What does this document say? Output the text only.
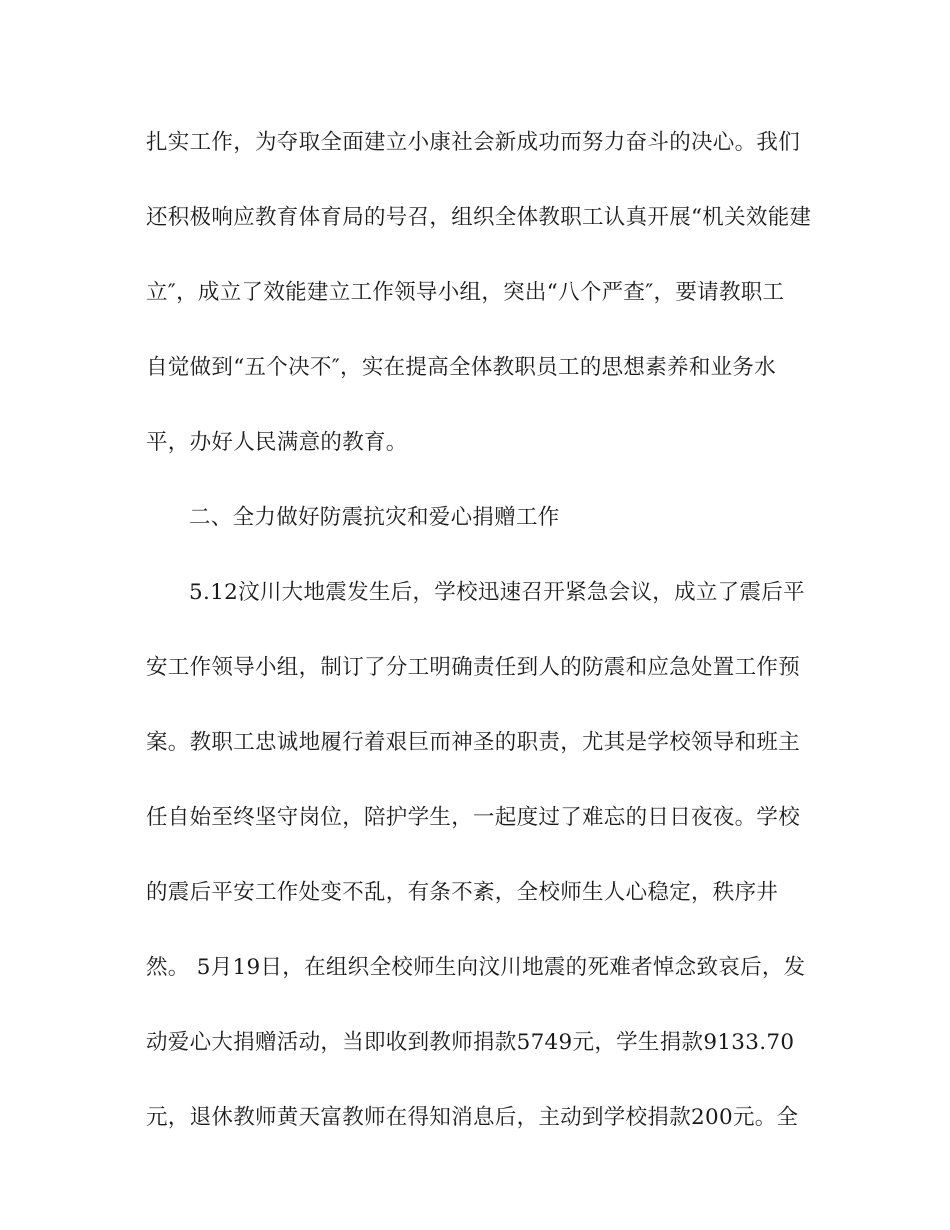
扎实工作，为夺取全面建立小康社会新成功而努力奋斗的决心。我们
还积极响应教育体育局的号召，组织全体教职工认真开展“机关效能建
立″，成立了效能建立工作领导小组，突出“八个严查″，要请教职工
自觉做到“五个决不″，实在提高全体教职员工的思想素养和业务水
平，办好人民满意的教育。
二、全力做好防震抗灾和爱心捐赠工作
5.12汶川大地震发生后，学校迅速召开紧急会议，成立了震后平
安工作领导小组，制订了分工明确责任到人的防震和应急处置工作预
案。教职工忠诚地履行着艰巨而神圣的职责，尤其是学校领导和班主
任自始至终坚守岗位，陪护学生，一起度过了难忘的日日夜夜。学校
的震后平安工作处变不乱，有条不紊，全校师生人心稳定，秩序井
然。 5月19日，在组织全校师生向汶川地震的死难者悼念致哀后，发
动爱心大捐赠活动，当即收到教师捐款5749元，学生捐款9133.70
元，退休教师黄天富教师在得知消息后，主动到学校捐款200元。全
